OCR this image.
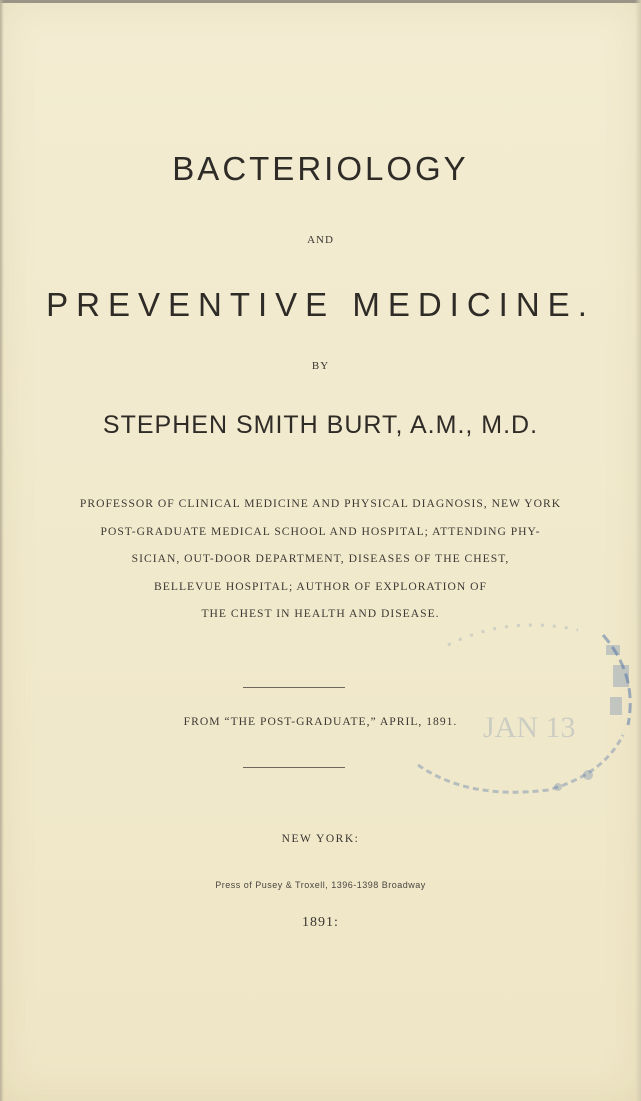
BACTERIOLOGY
AND
PREVENTIVE MEDICINE.
BY
STEPHEN SMITH BURT, A.M., M.D.
PROFESSOR OF CLINICAL MEDICINE AND PHYSICAL DIAGNOSIS, NEW YORK
POST-GRADUATE MEDICAL SCHOOL AND HOSPITAL; ATTENDING PHY-
SICIAN, OUT-DOOR DEPARTMENT, DISEASES OF THE CHEST,
BELLEVUE HOSPITAL; AUTHOR OF EXPLORATION OF
THE CHEST IN HEALTH AND DISEASE.
FROM “THE POST-GRADUATE,” APRIL, 1891. JAN 13
NEW YORK:
Press of Pusey & Troxell, 1396-1398 Broadway
1891:
